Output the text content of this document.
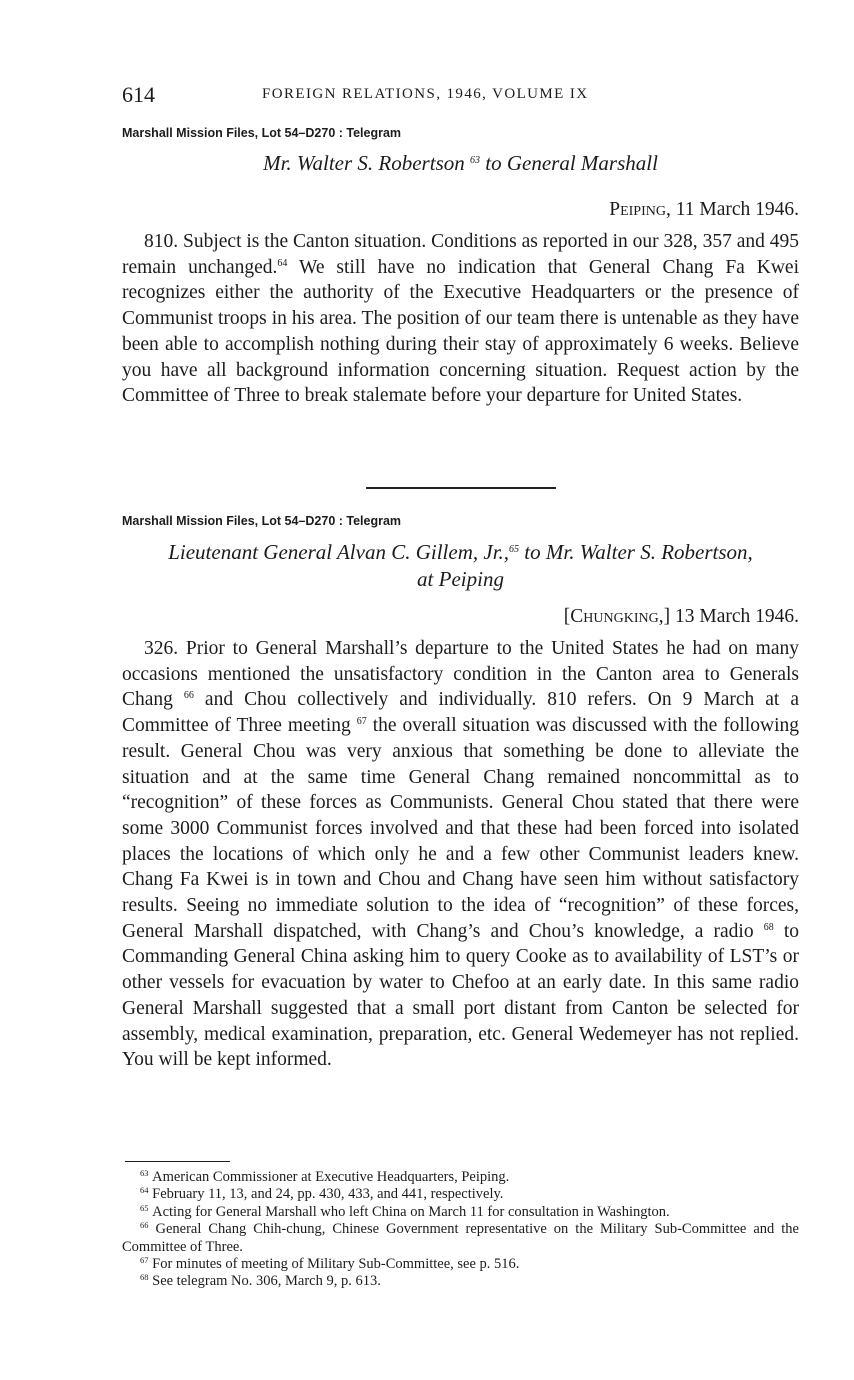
614	FOREIGN RELATIONS, 1946, VOLUME IX
Marshall Mission Files, Lot 54–D270 : Telegram
Mr. Walter S. Robertson $^{63}$ to General Marshall
Peiping, 11 March 1946.

810. Subject is the Canton situation. Conditions as reported in our 328, 357 and 495 remain unchanged.$^{64}$ We still have no indication that General Chang Fa Kwei recognizes either the authority of the Executive Headquarters or the presence of Communist troops in his area. The position of our team there is untenable as they have been able to accomplish nothing during their stay of approximately 6 weeks. Believe you have all background information concerning situation. Request action by the Committee of Three to break stalemate before your departure for United States.

Marshall Mission Files, Lot 54–D270 : Telegram
Lieutenant General Alvan C. Gillem, Jr.,$^{65}$ to Mr. Walter S. Robertson,
at Peiping
[Chungking,] 13 March 1946.

326. Prior to General Marshall’s departure to the United States he had on many occasions mentioned the unsatisfactory condition in the Canton area to Generals Chang $^{66}$ and Chou collectively and individually. 810 refers. On 9 March at a Committee of Three meeting $^{67}$ the overall situation was discussed with the following result. General Chou was very anxious that something be done to alleviate the situation and at the same time General Chang remained noncommittal as to “recognition” of these forces as Communists. General Chou stated that there were some 3000 Communist forces involved and that these had been forced into isolated places the locations of which only he and a few other Communist leaders knew. Chang Fa Kwei is in town and Chou and Chang have seen him without satisfactory results. Seeing no immediate solution to the idea of “recognition” of these forces, General Marshall dispatched, with Chang’s and Chou’s knowledge, a radio $^{68}$ to Commanding General China asking him to query Cooke as to availability of LST’s or other vessels for evacuation by water to Chefoo at an early date. In this same radio General Marshall suggested that a small port distant from Canton be selected for assembly, medical examination, preparation, etc. General Wedemeyer has not replied. You will be kept informed.

$^{63}$ American Commissioner at Executive Headquarters, Peiping.

$^{64}$ February 11, 13, and 24, pp. 430, 433, and 441, respectively.

$^{65}$ Acting for General Marshall who left China on March 11 for consultation in Washington.

$^{66}$ General Chang Chih-chung, Chinese Government representative on the Military Sub-Committee and the Committee of Three.

$^{67}$ For minutes of meeting of Military Sub-Committee, see p. 516.

$^{68}$ See telegram No. 306, March 9, p. 613.
